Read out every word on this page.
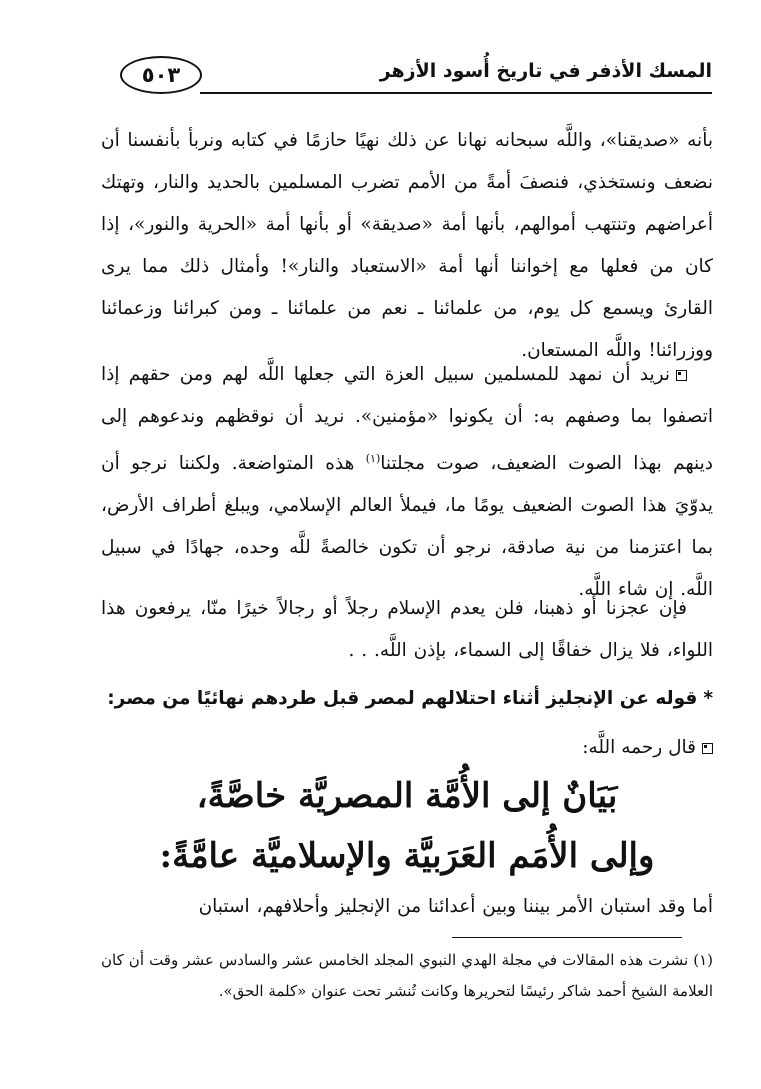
٥٠٣	المسك الأذفر في تاريخ أُسود الأزهر
بأنه «صديقنا»، واللَّه سبحانه نهانا عن ذلك نهيًا حازمًا في كتابه ونربأ بأنفسنا أن نضعف ونستخذي، فنصفَ أمةً من الأمم تضرب المسلمين بالحديد والنار، وتهتك أعراضهم وتنتهب أموالهم، بأنها أمة «صديقة» أو بأنها أمة «الحرية والنور»، إذا كان من فعلها مع إخواننا أنها أمة «الاستعباد والنار»! وأمثال ذلك مما يرى القارئ ويسمع كل يوم، من علمائنا ـ نعم من علمائنا ـ ومن كبرائنا وزعمائنا ووزرائنا! واللَّه المستعان.
نريد أن نمهد للمسلمين سبيل العزة التي جعلها اللَّه لهم ومن حقهم إذا اتصفوا بما وصفهم به: أن يكونوا «مؤمنين». نريد أن نوقظهم وندعوهم إلى دينهم بهذا الصوت الضعيف، صوت مجلتنا$^{(١)}$ هذه المتواضعة. ولكننا نرجو أن يدوّيَ هذا الصوت الضعيف يومًا ما، فيملأ العالم الإسلامي، ويبلغ أطراف الأرض، بما اعتزمنا من نية صادقة، نرجو أن تكون خالصةً للَّه وحده، جهادًا في سبيل اللَّه. إن شاء اللَّه.
فإن عجزنا أو ذهبنا، فلن يعدم الإسلام رجلاً أو رجالاً خيرًا منّا، يرفعون هذا اللواء، فلا يزال خفاقًا إلى السماء، بإذن اللَّه. . .
*قوله عن الإنجليز أثناء احتلالهم لمصر قبل طردهم نهائيًا من مصر:
قال رحمه اللَّه:
بَيَانٌ إلى الأُمَّة المصريَّة خاصَّةً،
وإلى الأُمَم العَرَبيَّة والإسلاميَّة عامَّةً:
أما وقد استبان الأمر بيننا وبين أعدائنا من الإنجليز وأحلافهم، استبان
(١) نشرت هذه المقالات في مجلة الهدي النبوي المجلد الخامس عشر والسادس عشر وقت أن كان العلامة الشيخ أحمد شاكر رئيسًا لتحريرها وكانت تُنشر تحت عنوان «كلمة الحق».
